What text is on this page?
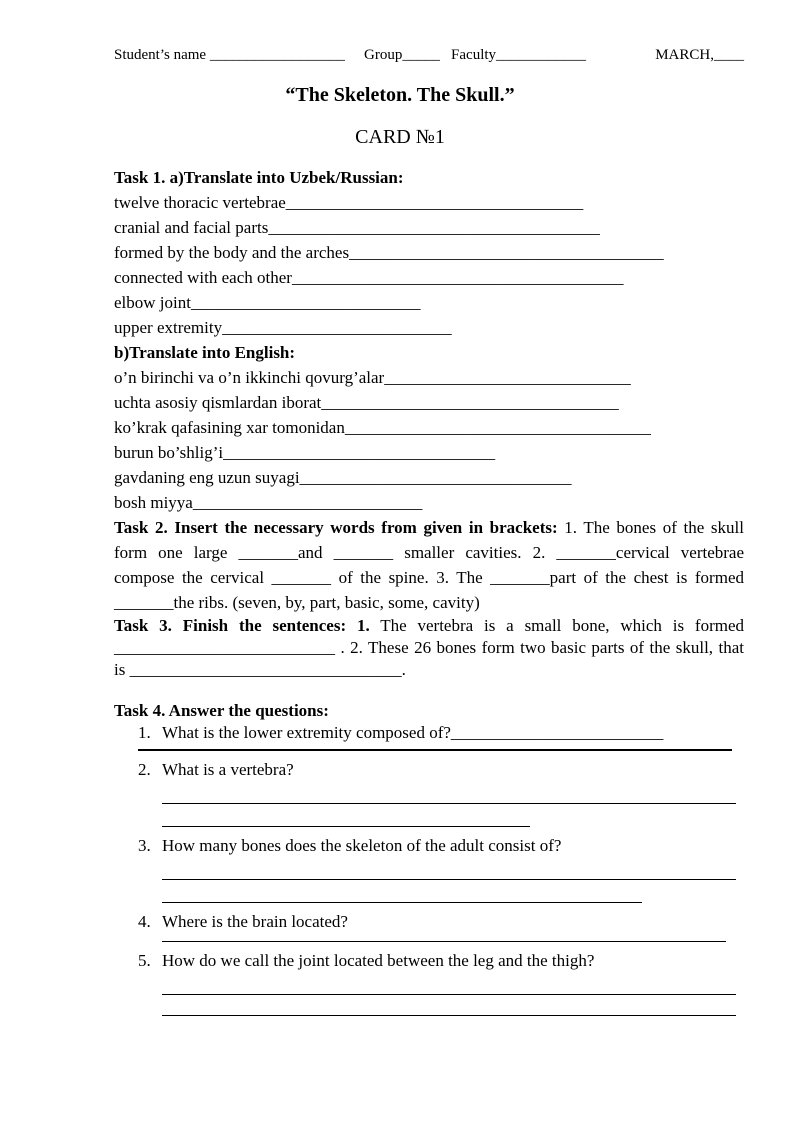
Student’s name __________________ Group_____ Faculty____________	MARCH,____
“The Skeleton. The Skull.”
CARD №1
Task 1. a)Translate into Uzbek/Russian:
twelve thoracic vertebrae___________________________________
cranial and facial parts_______________________________________
formed by the body and the arches_____________________________________
connected with each other_______________________________________
elbow joint___________________________
upper extremity___________________________
b)Translate into English:
o’n birinchi va o’n ikkinchi qovurg’alar_____________________________
uchta asosiy qismlardan iborat___________________________________
ko’krak qafasining xar tomonidan____________________________________
burun bo’shlig’i________________________________
gavdaning eng uzun suyagi________________________________
bosh miyya___________________________
Task 2. Insert the necessary words from given in brackets: 1. The bones of the skull form one large _______and _______ smaller cavities. 2. _______cervical vertebrae compose the cervical _______ of the spine. 3. The _______part of the chest is formed _______the ribs. (seven, by, part, basic, some, cavity)
Task 3. Finish the sentences: 1. The vertebra is a small bone, which is formed __________________________ . 2. These 26 bones form two basic parts of the skull, that is ________________________________.
Task 4. Answer the questions:
1. What is the lower extremity composed of?_________________________
2. What is a vertebra?
3. How many bones does the skeleton of the adult consist of?
4. Where is the brain located?
5. How do we call the joint located between the leg and the thigh?
